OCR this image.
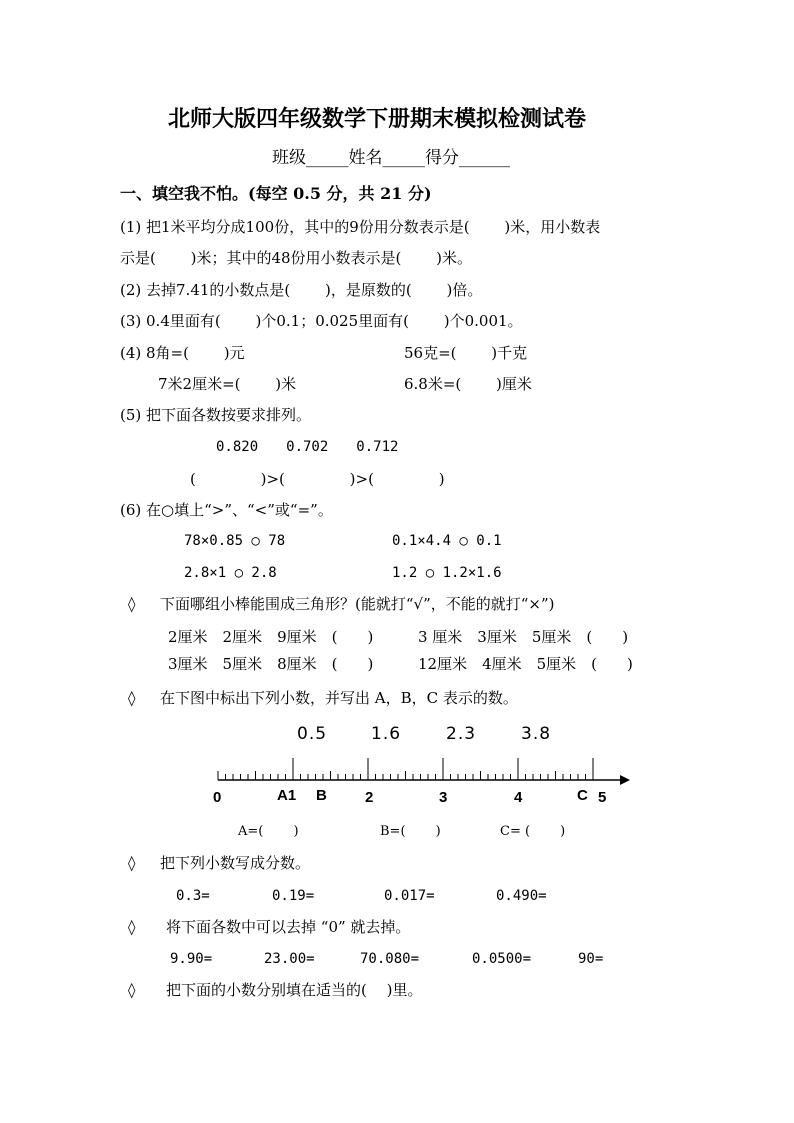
北师大版四年级数学下册期末模拟检测试卷
班级_____姓名_____得分______
一、填空我不怕。(每空 0.5 分，共 21 分)
(1) 把1米平均分成100份，其中的9份用分数表示是(　　 )米，用小数表
示是(　　 )米；其中的48份用小数表示是(　　 )米。
(2) 去掉7.41的小数点是(　　 )，是原数的(　　 )倍。
(3) 0.4里面有(　　 )个0.1；0.025里面有(　　 )个0.001。
(4) 8角=(　　 )元	56克=(　　 )千克
7米2厘米=(　　 )米	6.8米=(　　 )厘米
(5) 把下面各数按要求排列。
0.820　　0.702　　0.712
(　　　　 )>(　　　　 )>(　　　　 )
(6) 在○填上“>”、“<”或“=”。
78×0.85 ○ 78	0.1×4.4 ○ 0.1
2.8×1 ○ 2.8	1.2 ○ 1.2×1.6
◊ 下面哪组小棒能围成三角形？(能就打“√”，不能的就打“×”)
2厘米　2厘米　9厘米　(　　)	3 厘米　3厘米　5厘米　(　　)
3厘米　5厘米　8厘米　(　　)	12厘米　4厘米　5厘米　(　　)
◊ 在下图中标出下列小数，并写出 A，B，C 表示的数。
0.5	1.6	2.3	3.8
0	A1 B	2	3	4	C 5
A=(　　 )	B=(　　 )	C= (　　 )
◊ 把下列小数写成分数。
0.3=	0.19=	0.017=	0.490=
◊ 将下面各数中可以去掉 “0” 就去掉。
9.90=	23.00=	70.080=	0.0500=	90=
◊ 把下面的小数分别填在适当的(　 )里。
